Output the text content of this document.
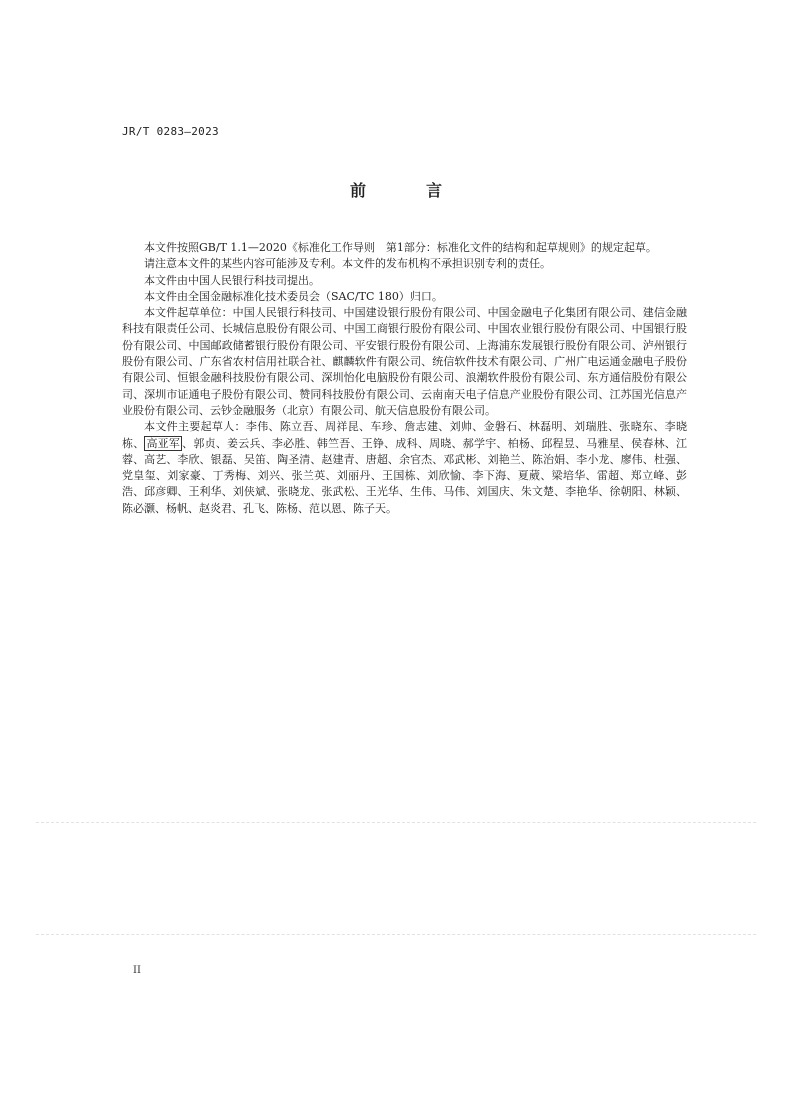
JR/T 0283—2023
前　言

本文件按照GB/T 1.1—2020《标准化工作导则　第1部分：标准化文件的结构和起草规则》的规定起草。

请注意本文件的某些内容可能涉及专利。本文件的发布机构不承担识别专利的责任。

本文件由中国人民银行科技司提出。

本文件由全国金融标准化技术委员会（SAC/TC 180）归口。

本文件起草单位：中国人民银行科技司、中国建设银行股份有限公司、中国金融电子化集团有限公司、建信金融科技有限责任公司、长城信息股份有限公司、中国工商银行股份有限公司、中国农业银行股份有限公司、中国银行股份有限公司、中国邮政储蓄银行股份有限公司、平安银行股份有限公司、上海浦东发展银行股份有限公司、泸州银行股份有限公司、广东省农村信用社联合社、麒麟软件有限公司、统信软件技术有限公司、广州广电运通金融电子股份有限公司、恒银金融科技股份有限公司、深圳怡化电脑股份有限公司、浪潮软件股份有限公司、东方通信股份有限公司、深圳市证通电子股份有限公司、赞同科技股份有限公司、云南南天电子信息产业股份有限公司、江苏国光信息产业股份有限公司、云钞金融服务（北京）有限公司、航天信息股份有限公司。

本文件主要起草人：李伟、陈立吾、周祥昆、车珍、詹志建、刘帅、金磐石、林磊明、刘瑞胜、张晓东、李晓栋、 高亚军 、郭贞、姜云兵、李必胜、韩竺吾、王铮、成科、周晓、郝学宇、柏杨、邱程昱、马雅星、侯春林、江蓉、高艺、李欣、银磊、吴笛、陶圣清、赵建青、唐超、余官杰、邓武彬、刘艳兰、陈治娟、李小龙、廖伟、杜强、党皇玺、刘家豪、丁秀梅、刘兴、张兰英、刘丽丹、王国栋、刘欣愉、李下海、夏葳、梁培华、雷超、郑立峰、彭浩、邱彦卿、王利华、刘侠斌、张晓龙、张武松、王光华、生伟、马伟、刘国庆、朱文楚、李艳华、徐朝阳、林颖、陈必灏、杨帆、赵炎君、孔飞、陈杨、范以恩、陈子天。

II
